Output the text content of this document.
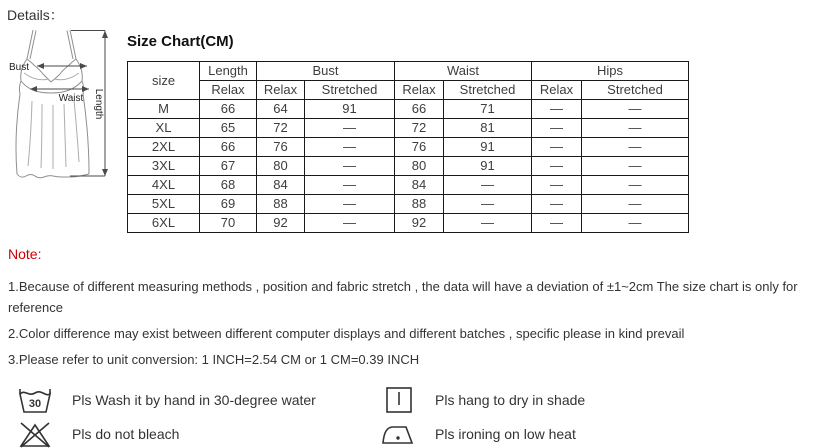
Details：
Bust
Waist Length
Size Chart(CM)
size	Length	Bust		Waist		Hips	
	Relax	Relax	Stretched	Relax	Stretched	Relax	Stretched
M	66	64	91	66	71	—	—
XL	65	72	—	72	81	—	—
2XL	66	76	—	76	91	—	—
3XL	67	80	—	80	91	—	—
4XL	68	84	—	84	—	—	—
5XL	69	88	—	88	—	—	—
6XL	70	92	—	92	—	—	—
Note:

1.Because of different measuring methods , position and fabric stretch , the data will have a deviation of ±1~2cm The size chart is only for reference

2.Color difference may exist between different computer displays and different batches , specific please in kind prevail

3.Please refer to unit conversion: 1 INCH=2.54 CM or 1 CM=0.39 INCH

30 Pls Wash it by hand in 30-degree water	Pls hang to dry in shade
Pls do not bleach	Pls ironing on low heat
